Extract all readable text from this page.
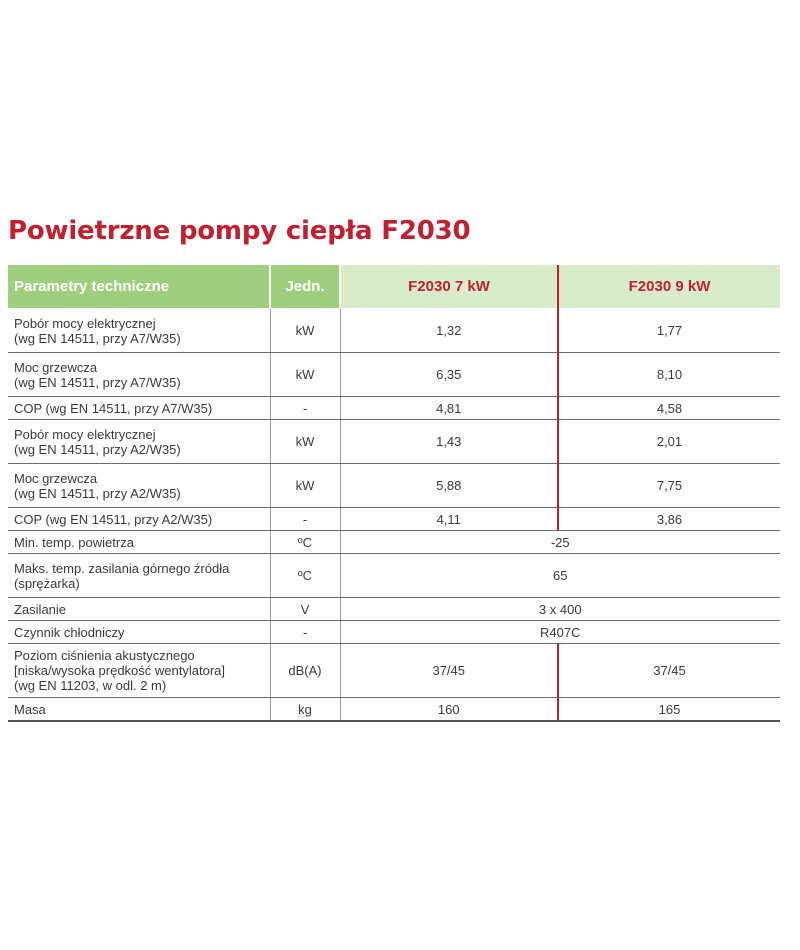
Powietrzne pompy ciepła F2030
Parametry techniczne	Jedn.	F2030 7 kW	F2030 9 kW
Pobór mocy elektrycznej
(wg EN 14511, przy A7/W35)	kW	1,32	1,77
Moc grzewcza
(wg EN 14511, przy A7/W35)	kW	6,35	8,10
COP (wg EN 14511, przy A7/W35)	-	4,81	4,58
Pobór mocy elektrycznej
(wg EN 14511, przy A2/W35)	kW	1,43	2,01
Moc grzewcza
(wg EN 14511, przy A2/W35)	kW	5,88	7,75
COP (wg EN 14511, przy A2/W35)	-	4,11	3,86
Min. temp. powietrza	ºC	-25	
Maks. temp. zasilania górnego źródła
(sprężarka)	ºC	65	
Zasilanie	V	3 x 400	
Czynnik chłodniczy	-	R407C	
Poziom ciśnienia akustycznego
[niska/wysoka prędkość wentylatora]
(wg EN 11203, w odl. 2 m)	dB(A)	37/45	37/45
Masa	kg	160	165
